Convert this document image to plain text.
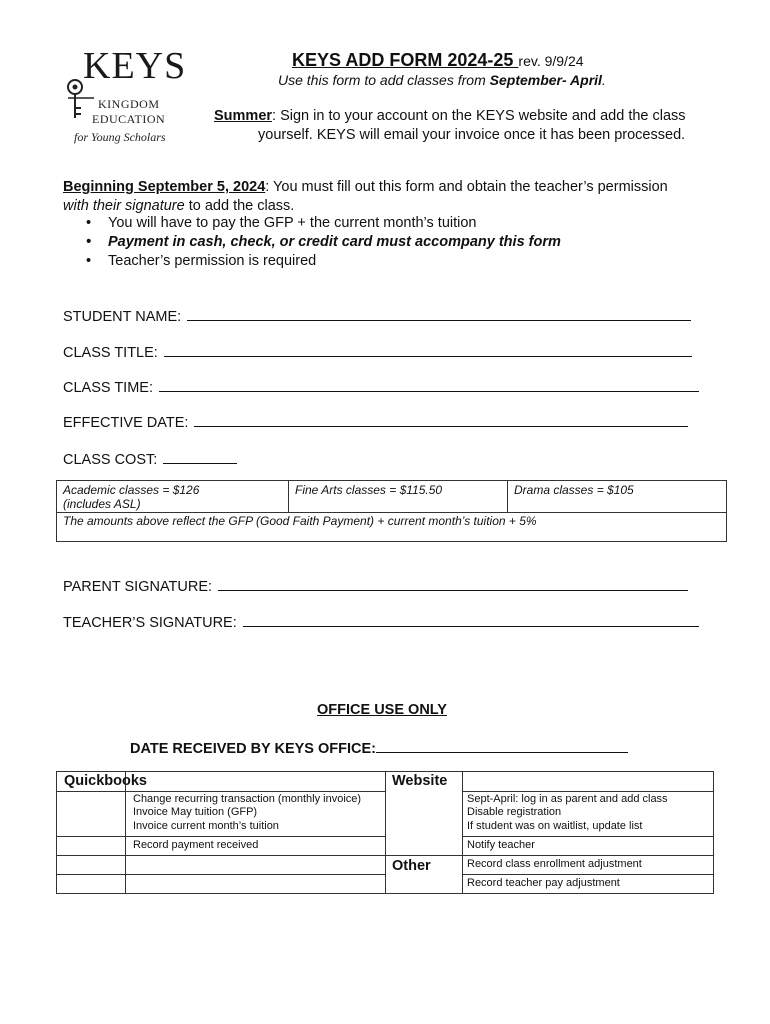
KEYS
KINGDOM
EDUCATION
for Young Scholars
KEYS ADD FORM 2024-25 rev. 9/9/24
Use this form to add classes from September- April.
Summer: Sign in to your account on the KEYS website and add the class
yourself. KEYS will email your invoice once it has been processed.
Beginning September 5, 2024: You must fill out this form and obtain the teacher’s permission
with their signature to add the class.
• You will have to pay the GFP + the current month’s tuition
• Payment in cash, check, or credit card must accompany this form
• Teacher’s permission is required
STUDENT NAME:
CLASS TITLE:
CLASS TIME:
EFFECTIVE DATE:
CLASS COST:
Academic classes = $126
(includes ASL)
Fine Arts classes = $115.50	Drama classes = $105
The amounts above reflect the GFP (Good Faith Payment) + current month’s tuition + 5%
PARENT SIGNATURE:
TEACHER’S SIGNATURE:
OFFICE USE ONLY
DATE RECEIVED BY KEYS OFFICE:
Quickbooks	Website
Other
Change recurring transaction (monthly invoice)
Invoice May tuition (GFP)
Invoice current month’s tuition
Record payment received
Sept-April: log in as parent and add class
Disable registration
If student was on waitlist, update list
Notify teacher
Record class enrollment adjustment
Record teacher pay adjustment
